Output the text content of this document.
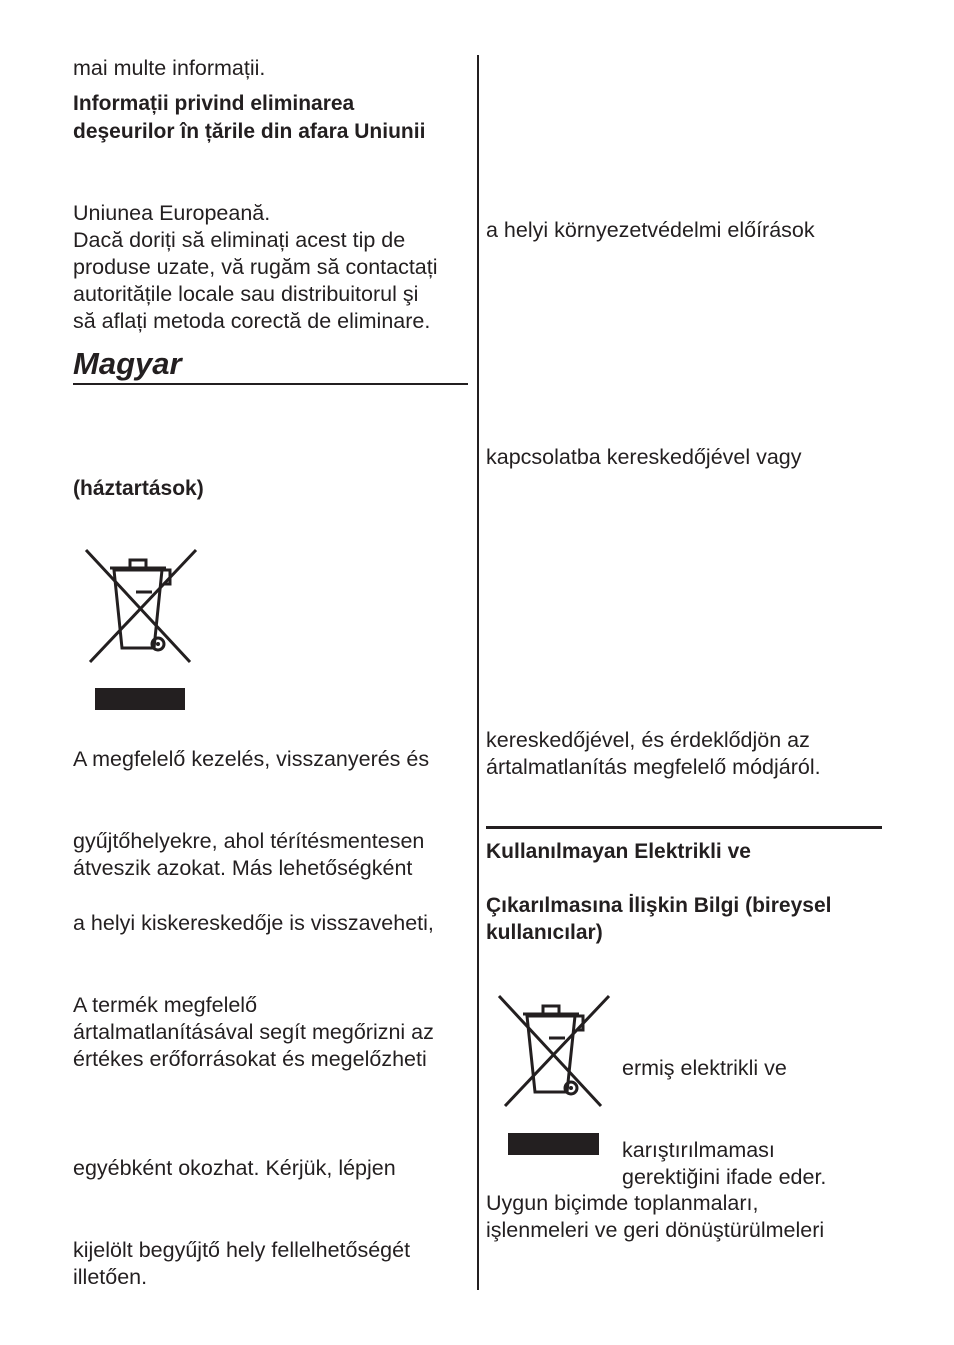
mai multe informații.
Informații privind eliminarea
deşeurilor în țările din afara Uniunii
Uniunea Europeană.
Dacă doriți să eliminați acest tip de
produse uzate, vă rugăm să contactați
autoritățile locale sau distribuitorul şi
să aflați metoda corectă de eliminare.
Magyar
(háztartások)
A megfelelő kezelés, visszanyerés és
gyűjtőhelyekre, ahol térítésmentesen
átveszik azokat. Más lehetőségként
a helyi kiskereskedője is visszaveheti,
A termék megfelelő
ártalmatlanításával segít megőrizni az
értékes erőforrásokat és megelőzheti
egyébként okozhat. Kérjük, lépjen
kijelölt begyűjtő hely fellelhetőségét
illetően.
a helyi környezetvédelmi előírások
kapcsolatba kereskedőjével vagy
kereskedőjével, és érdeklődjön az
ártalmatlanítás megfelelő módjáról.
Kullanılmayan Elektrikli ve
Çıkarılmasına İlişkin Bilgi (bireysel
kullanıcılar)
ermiş elektrikli ve
karıştırılmaması
gerektiğini ifade eder.
Uygun biçimde toplanmaları,
işlenmeleri ve geri dönüştürülmeleri
